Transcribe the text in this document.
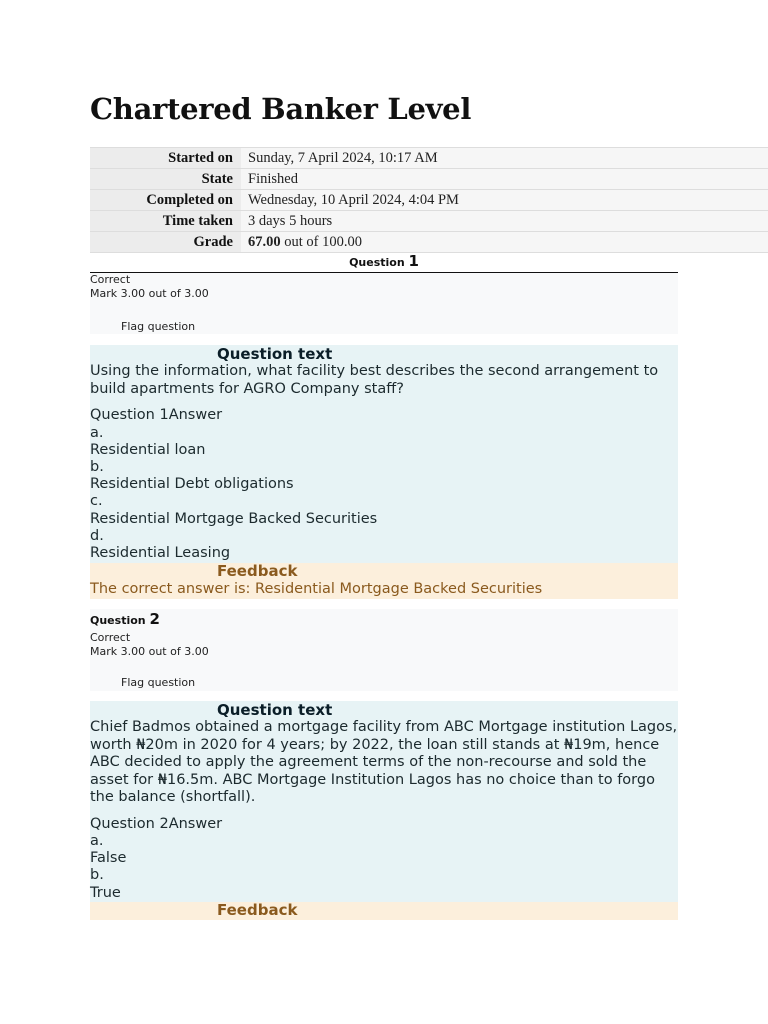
Chartered Banker Level
Started on	Sunday, 7 April 2024, 10:17 AM
State	Finished
Completed on	Wednesday, 10 April 2024, 4:04 PM
Time taken	3 days 5 hours
Grade	67.00 out of 100.00
Question 1
Correct
Mark 3.00 out of 3.00
Flag question
Question text
Using the information, what facility best describes the second arrangement to build apartments for AGRO Company staff?
Question 1Answer
a.
Residential loan
b.
Residential Debt obligations
c.
Residential Mortgage Backed Securities
d.
Residential Leasing
Feedback
The correct answer is: Residential Mortgage Backed Securities
Question 2
Correct
Mark 3.00 out of 3.00
Flag question
Question text
Chief Badmos obtained a mortgage facility from ABC Mortgage institution Lagos, worth ₦20m in 2020 for 4 years; by 2022, the loan still stands at ₦19m, hence ABC decided to apply the agreement terms of the non-recourse and sold the asset for ₦16.5m. ABC Mortgage Institution Lagos has no choice than to forgo the balance (shortfall).
Question 2Answer
a.
False
b.
True
Feedback
